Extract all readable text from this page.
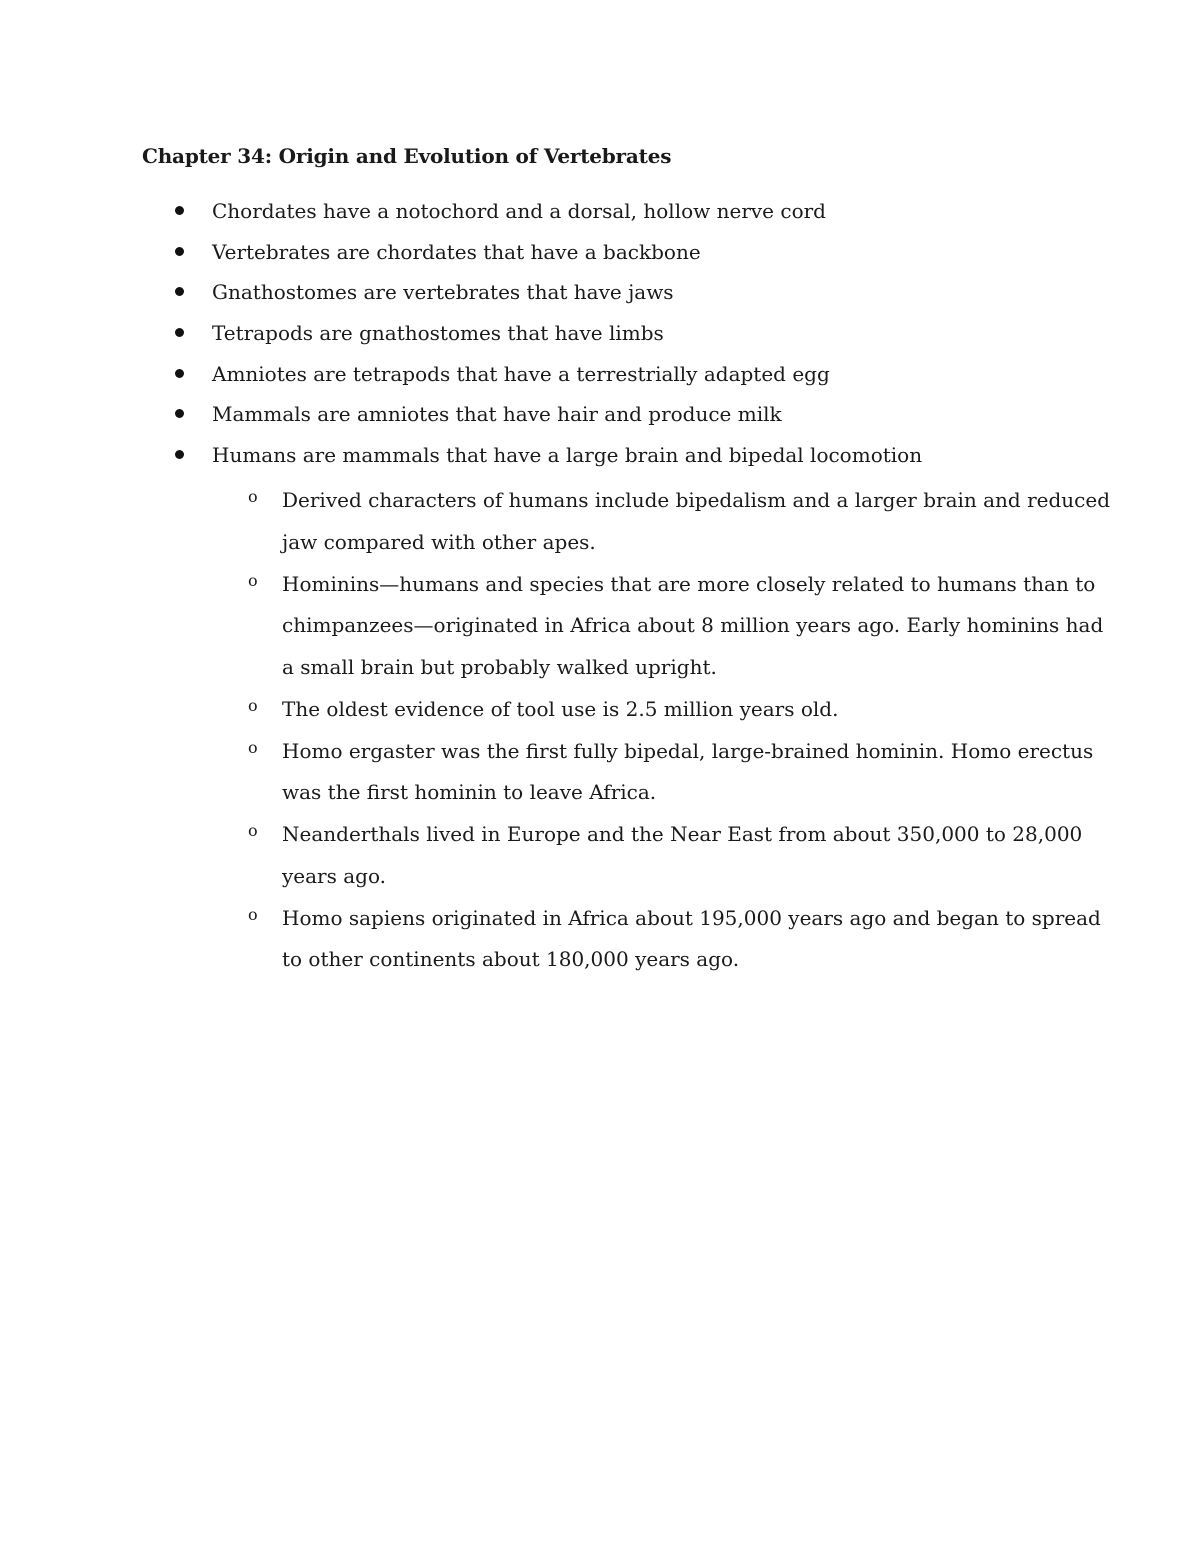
Chapter 34: Origin and Evolution of Vertebrates
Chordates have a notochord and a dorsal, hollow nerve cord
Vertebrates are chordates that have a backbone
Gnathostomes are vertebrates that have jaws
Tetrapods are gnathostomes that have limbs
Amniotes are tetrapods that have a terrestrially adapted egg
Mammals are amniotes that have hair and produce milk
Humans are mammals that have a large brain and bipedal locomotion
o Derived characters of humans include bipedalism and a larger brain and reduced
jaw compared with other apes.
o Hominins—humans and species that are more closely related to humans than to
chimpanzees—originated in Africa about 8 million years ago. Early hominins had
a small brain but probably walked upright.
o The oldest evidence of tool use is 2.5 million years old.
o Homo ergaster was the first fully bipedal, large-brained hominin. Homo erectus
was the first hominin to leave Africa.
o Neanderthals lived in Europe and the Near East from about 350,000 to 28,000
years ago.
o Homo sapiens originated in Africa about 195,000 years ago and began to spread
to other continents about 180,000 years ago.
